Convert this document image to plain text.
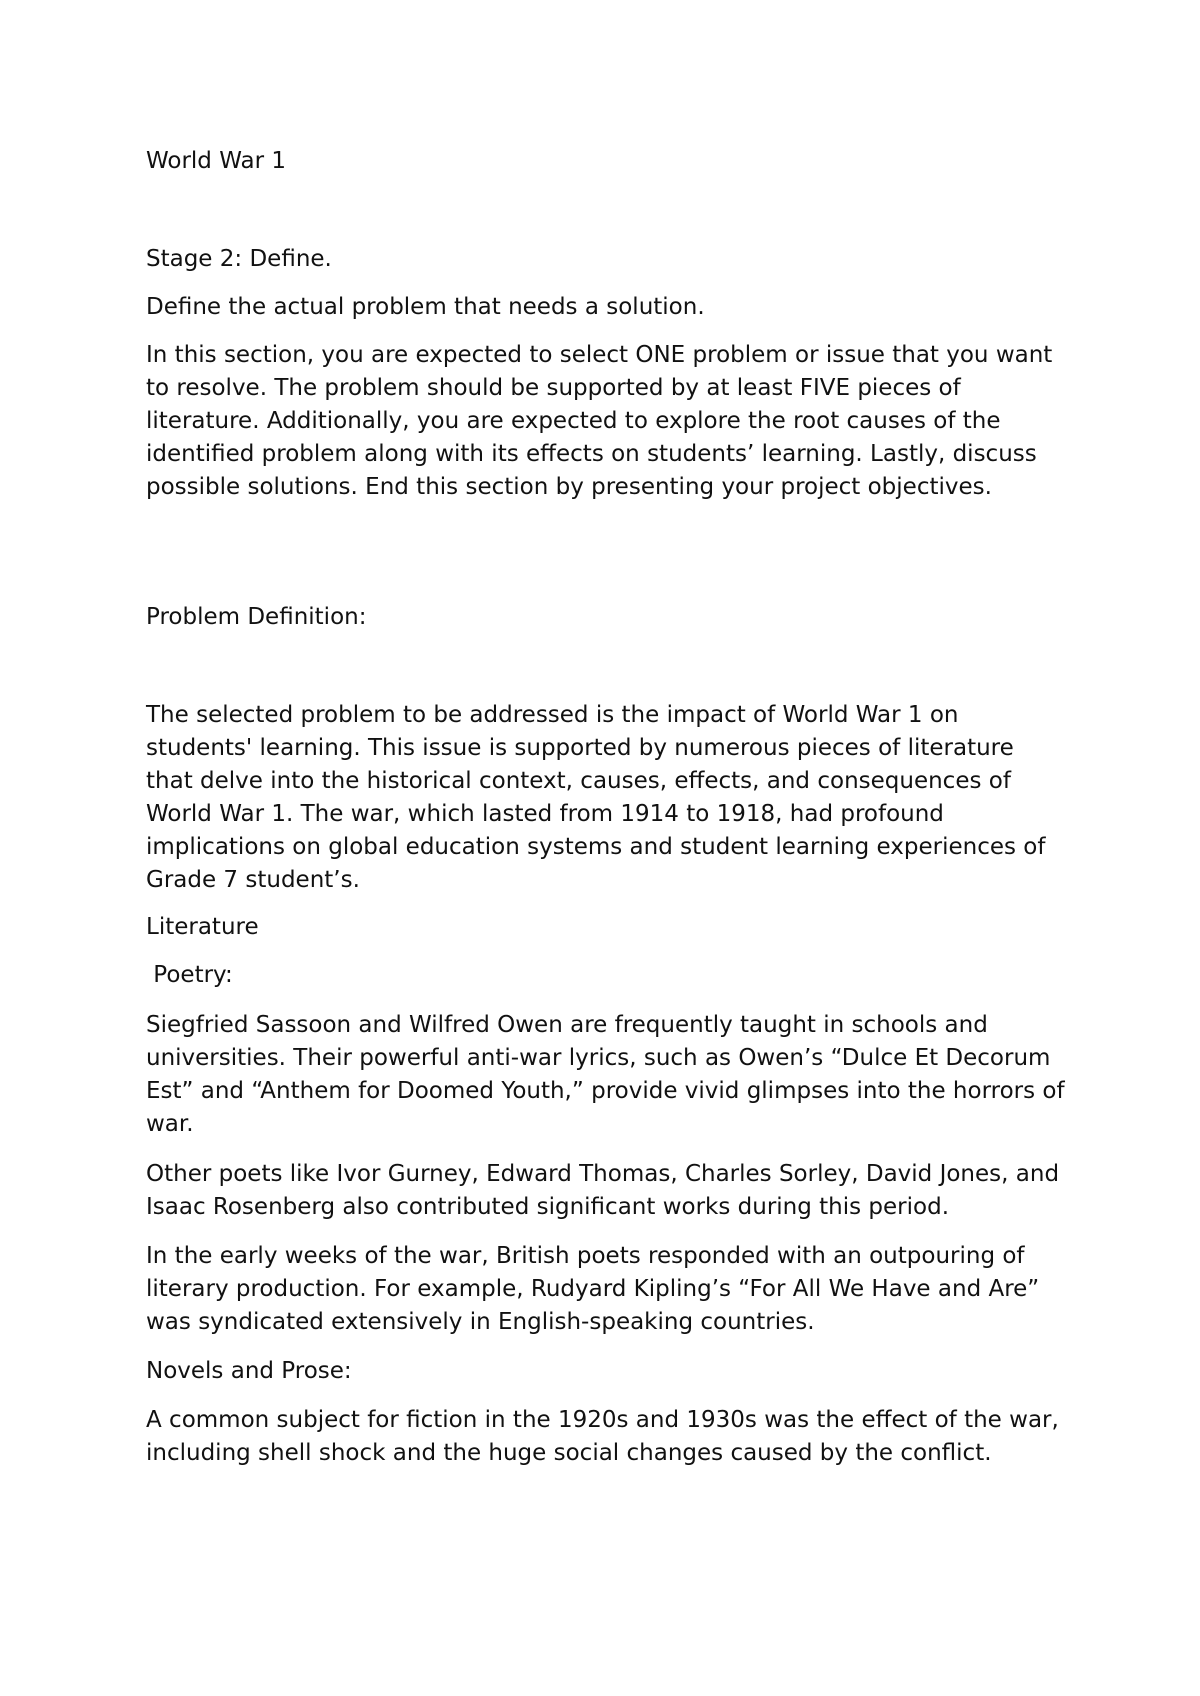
World War 1

Stage 2: Define.

Define the actual problem that needs a solution.

In this section, you are expected to select ONE problem or issue that you want to resolve. The problem should be supported by at least FIVE pieces of literature. Additionally, you are expected to explore the root causes of the identified problem along with its effects on students’ learning. Lastly, discuss possible solutions. End this section by presenting your project objectives.

Problem Definition:

The selected problem to be addressed is the impact of World War 1 on students' learning. This issue is supported by numerous pieces of literature that delve into the historical context, causes, effects, and consequences of World War 1. The war, which lasted from 1914 to 1918, had profound implications on global education systems and student learning experiences of Grade 7 student’s.

Literature

Poetry:

Siegfried Sassoon and Wilfred Owen are frequently taught in schools and universities. Their powerful anti-war lyrics, such as Owen’s “Dulce Et Decorum Est” and “Anthem for Doomed Youth,” provide vivid glimpses into the horrors of war.

Other poets like Ivor Gurney, Edward Thomas, Charles Sorley, David Jones, and Isaac Rosenberg also contributed significant works during this period.

In the early weeks of the war, British poets responded with an outpouring of literary production. For example, Rudyard Kipling’s “For All We Have and Are” was syndicated extensively in English-speaking countries.

Novels and Prose:

A common subject for fiction in the 1920s and 1930s was the effect of the war, including shell shock and the huge social changes caused by the conflict.
